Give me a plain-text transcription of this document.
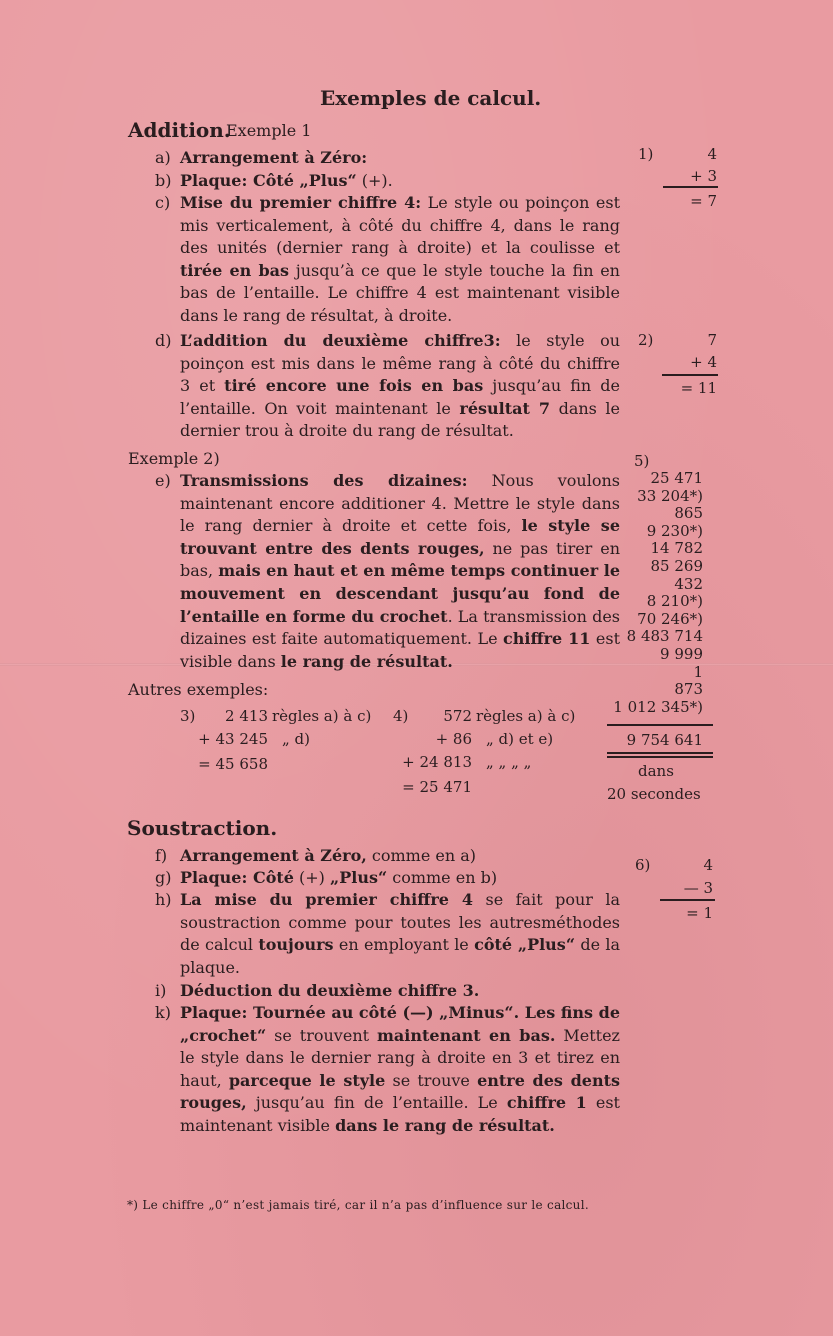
Exemples de calcul.
Addition.
Exemple 1
a) Arrangement à Zéro:
b) Plaque: Côté „Plus“ (+).
c) Mise du premier chiffre 4: Le style ou poinçon est mis verticalement, à côté du chiffre 4, dans le rang des unités (dernier rang à droite) et la coulisse et tirée en bas jusqu’à ce que le style touche la fin en bas de l’entaille. Le chiffre 4 est maintenant visible dans le rang de résultat, à droite.
d) L’addition du deuxième chiffre3: le style ou poinçon est mis dans le même rang à côté du chiffre 3 et tiré encore une fois en bas jusqu’au fin de l’entaille. On voit maintenant le résultat 7 dans le dernier trou à droite du rang de résultat.
Exemple 2)
e) Transmissions des dizaines: Nous voulons maintenant encore additioner 4. Mettre le style dans le rang dernier à droite et cette fois, le style se trouvant entre des dents rouges, ne pas tirer en bas, mais en haut et en même temps continuer le mouvement en descendant jusqu’au fond de l’entaille en forme du crochet. La transmission des dizaines est faite automatiquement. Le chiffre 11 est visible dans le rang de résultat.
Autres exemples:
1)	4
+ 3
= 7
2)	7
+ 4
= 11
5)
25 471
33 204*)
865
9 230*)
14 782
85 269
432
8 210*)
70 246*)
8 483 714
9 999
1
873
1 012 345*)
9 754 641
dans
20 secondes
3) 2 413 règles a) à c)
+ 43 245 „ d)
= 45 658
4) 572 règles a) à c)
+ 86 „ d) et e)
+ 24 813 „ „ „ „
= 25 471
Soustraction.
f) Arrangement à Zéro, comme en a)
g) Plaque: Côté (+) „Plus“ comme en b)
h) La mise du premier chiffre 4 se fait pour la soustraction comme pour toutes les autresméthodes de calcul toujours en employant le côté „Plus“ de la plaque.
i) Déduction du deuxième chiffre 3.
k) Plaque: Tournée au côté (—) „Minus“. Les fins de „crochet“ se trouvent maintenant en bas. Mettez le style dans le dernier rang à droite en 3 et tirez en haut, parceque le style se trouve entre des dents rouges, jusqu’au fin de l’entaille. Le chiffre 1 est maintenant visible dans le rang de résultat.
6)	4
— 3
= 1
*) Le chiffre „0“ n’est jamais tiré, car il n’a pas d’influence sur le calcul.
